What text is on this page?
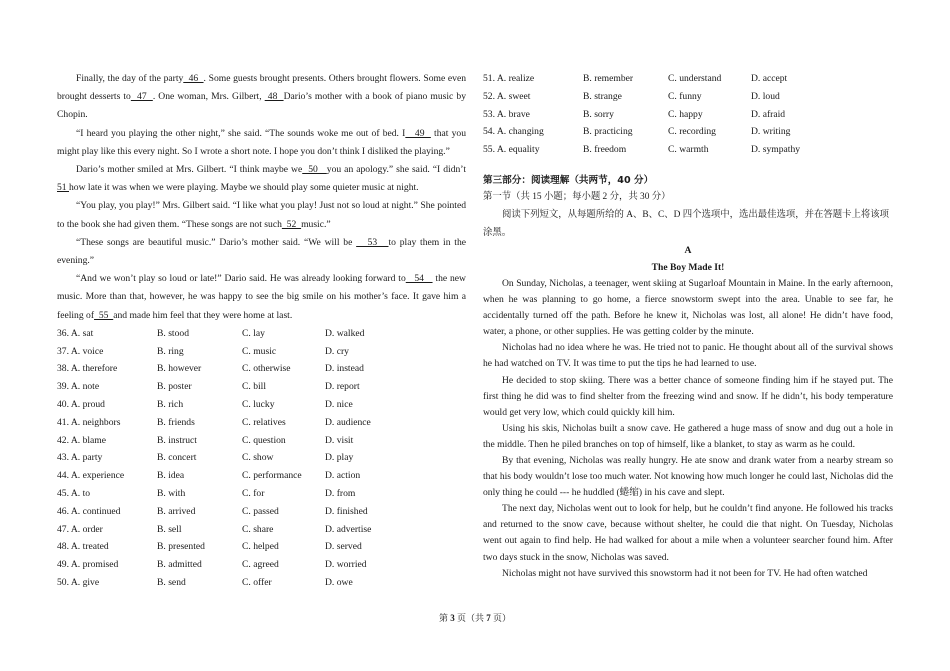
Finally, the day of the party  46  . Some guests brought presents. Others brought flowers. Some even brought desserts to  47  . One woman, Mrs. Gilbert,  48  Dario’s mother with a book of piano music by Chopin.

“I heard you playing the other night,” she said. “The sounds woke me out of bed. I   49   that you might play like this every night. So I wrote a short note. I hope you don’t think I disliked the playing.”

Dario’s mother smiled at Mrs. Gilbert. “I think maybe we  50   you an apology.” she said. “I didn’t 51 how late it was when we were playing. Maybe we should play some quieter music at night.

“You play, you play!” Mrs. Gilbert said. “I like what you play! Just not so loud at night.” She pointed to the book she had given them. “These songs are not such  52  music.”

“These songs are beautiful music.” Dario’s mother said. “We will be    53   to play them in the evening.”

“And we won’t play so loud or late!” Dario said. He was already looking forward to   54    the new music. More than that, however, he was happy to see the big smile on his mother’s face. It gave him a feeling of  55  and made him feel that they were home at last.

36. A. sat	B. stood	C. lay	D. walked
37. A. voice	B. ring	C. music	D. cry
38. A. therefore	B. however	C. otherwise	D. instead
39. A. note	B. poster	C. bill	D. report
40. A. proud	B. rich	C. lucky	D. nice
41. A. neighbors	B. friends	C. relatives	D. audience
42. A. blame	B. instruct	C. question	D. visit
43. A. party	B. concert	C. show	D. play
44. A. experience	B. idea	C. performance D. action
45. A. to	B. with	C. for	D. from
46. A. continued	B. arrived	C. passed	D. finished
47. A. order	B. sell	C. share	D. advertise
48. A. treated	B. presented	C. helped	D. served
49. A. promised	B. admitted	C. agreed	D. worried
50. A. give	B. send	C. offer	D. owe
51. A. realize	B. remember	C. understand	D. accept
52. A. sweet	B. strange	C. funny	D. loud
53. A. brave	B. sorry	C. happy	D. afraid
54. A. changing	B. practicing	C. recording	D. writing
55. A. equality	B. freedom	C. warmth	D. sympathy
第三部分：阅读理解（共两节，40 分）
第一节（共 15 小题；每小题 2 分，共 30 分）

阅读下列短文，从每题所给的 A、B、C、D 四个选项中，选出最佳选项，并在答题卡上将该项涂黑。

A
The Boy Made It!

On Sunday, Nicholas, a teenager, went skiing at Sugarloaf Mountain in Maine. In the early afternoon, when he was planning to go home, a fierce snowstorm swept into the area. Unable to see far, he accidentally turned off the path. Before he knew it, Nicholas was lost, all alone! He didn’t have food, water, a phone, or other supplies. He was getting colder by the minute.

Nicholas had no idea where he was. He tried not to panic. He thought about all of the survival shows he had watched on TV. It was time to put the tips he had learned to use.

He decided to stop skiing. There was a better chance of someone finding him if he stayed put. The first thing he did was to find shelter from the freezing wind and snow. If he didn’t, his body temperature would get very low, which could quickly kill him.

Using his skis, Nicholas built a snow cave. He gathered a huge mass of snow and dug out a hole in the middle. Then he piled branches on top of himself, like a blanket, to stay as warm as he could.

By that evening, Nicholas was really hungry. He ate snow and drank water from a nearby stream so that his body wouldn’t lose too much water. Not knowing how much longer he could last, Nicholas did the only thing he could --- he huddled (蜷缩) in his cave and slept.

The next day, Nicholas went out to look for help, but he couldn’t find anyone. He followed his tracks and returned to the snow cave, because without shelter, he could die that night. On Tuesday, Nicholas went out again to find help. He had walked for about a mile when a volunteer searcher found him. After two days stuck in the snow, Nicholas was saved.

Nicholas might not have survived this snowstorm had it not been for TV. He had often watched

第 3 页（共 7 页）
